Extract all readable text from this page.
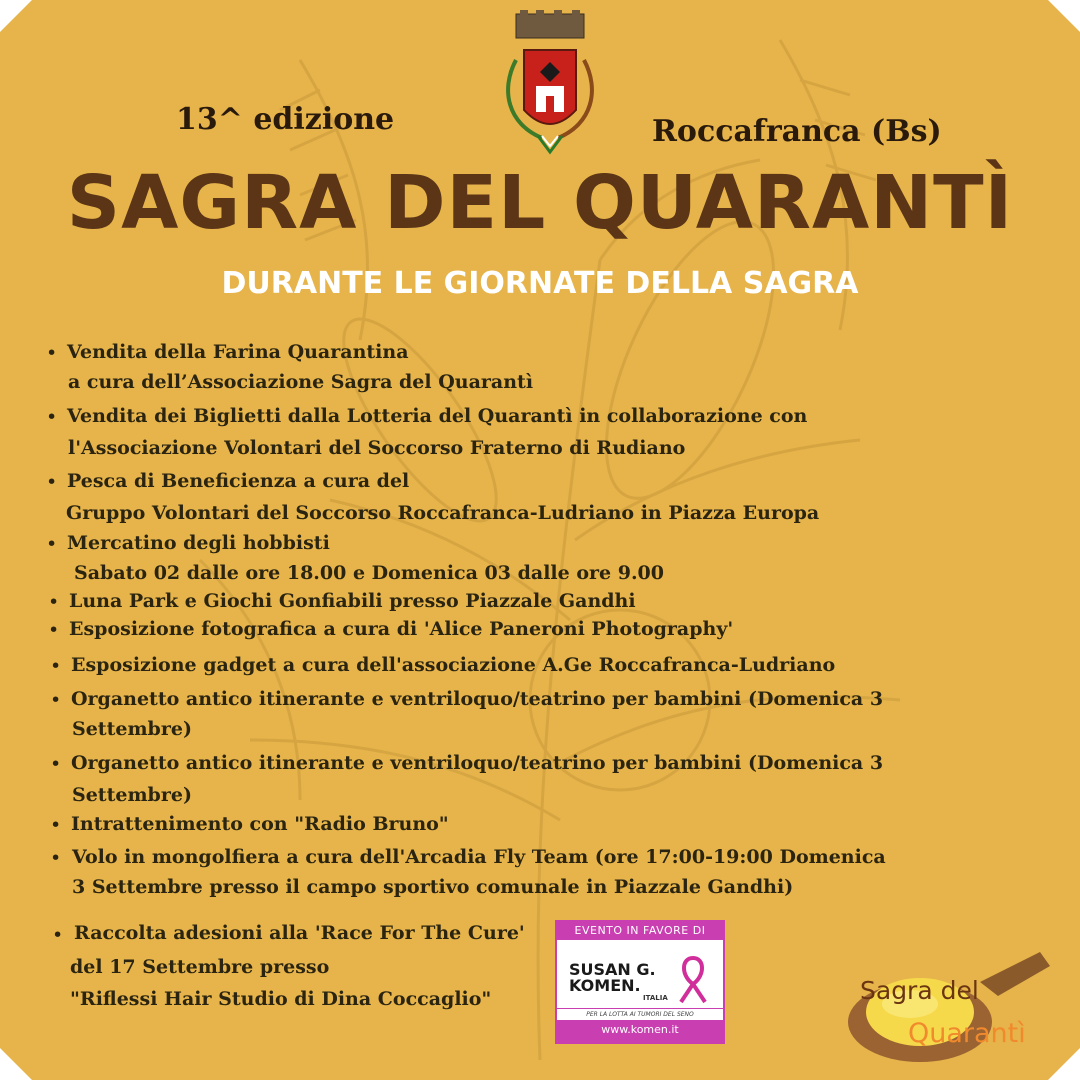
13^ edizione	Roccafranca (Bs)
SAGRA DEL QUARANTÌ
DURANTE LE GIORNATE DELLA SAGRA
• Vendita della Farina Quarantina
a cura dell’Associazione Sagra del Quarantì
• Vendita dei Biglietti dalla Lotteria del Quarantì in collaborazione con
l'Associazione Volontari del Soccorso Fraterno di Rudiano
• Pesca di Beneficienza a cura del
Gruppo Volontari del Soccorso Roccafranca-Ludriano in Piazza Europa
• Mercatino degli hobbisti
Sabato 02 dalle ore 18.00 e Domenica 03 dalle ore 9.00
• Luna Park e Giochi Gonfiabili presso Piazzale Gandhi
• Esposizione fotografica a cura di 'Alice Paneroni Photography'
• Esposizione gadget a cura dell'associazione A.Ge Roccafranca-Ludriano
• Organetto antico itinerante e ventriloquo/teatrino per bambini (Domenica 3
Settembre)
• Organetto antico itinerante e ventriloquo/teatrino per bambini (Domenica 3
Settembre)
• Intrattenimento con "Radio Bruno"
• Volo in mongolfiera a cura dell'Arcadia Fly Team (ore 17:00-19:00 Domenica
3 Settembre presso il campo sportivo comunale in Piazzale Gandhi)
• Raccolta adesioni alla 'Race For The Cure'
del 17 Settembre presso
"Riflessi Hair Studio di Dina Coccaglio"
EVENTO IN FAVORE DI
SUSAN G.
KOMEN.
ITALIA
PER LA LOTTA AI TUMORI DEL SENO
www.komen.it
Sagra del
Quarantì
